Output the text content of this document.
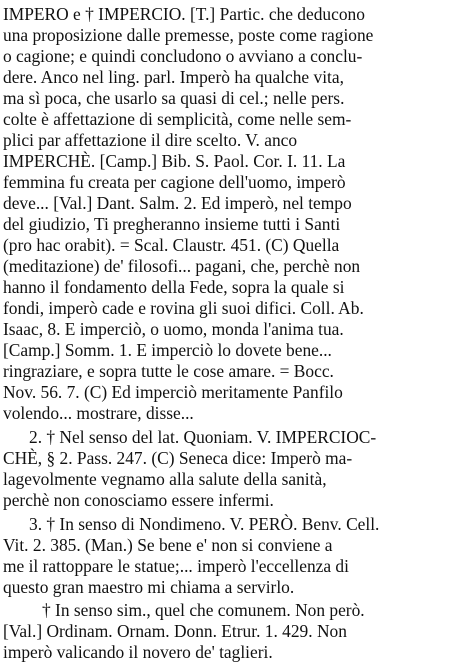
IMPERO e † IMPERCIO. [T.] Partic. che deducono
una proposizione dalle premesse, poste come ragione
o cagione; e quindi concludono o avviano a conclu-
dere. Anco nel ling. parl. Imperò ha qualche vita,
ma sì poca, che usarlo sa quasi di cel.; nelle pers.
colte è affettazione di semplicità, come nelle sem-
plici par affettazione il dire scelto. V. anco
IMPERCHÈ. [Camp.] Bib. S. Paol. Cor. I. 11. La
femmina fu creata per cagione dell'uomo, imperò
deve... [Val.] Dant. Salm. 2. Ed imperò, nel tempo
del giudizio, Ti pregheranno insieme tutti i Santi
(pro hac orabit). = Scal. Claustr. 451. (C) Quella
(meditazione) de' filosofi... pagani, che, perchè non
hanno il fondamento della Fede, sopra la quale si
fondi, imperò cade e rovina gli suoi difici. Coll. Ab.
Isaac, 8. E imperciò, o uomo, monda l'anima tua.
[Camp.] Somm. 1. E imperciò lo dovete bene...
ringraziare, e sopra tutte le cose amare. = Bocc.
Nov. 56. 7. (C) Ed imperciò meritamente Panfilo
volendo... mostrare, disse...
2. † Nel senso del lat. Quoniam. V. IMPERCIOC-
CHÈ, § 2. Pass. 247. (C) Seneca dice: Imperò ma-
lagevolmente vegnamo alla salute della sanità,
perchè non conosciamo essere infermi.
3. † In senso di Nondimeno. V. PERÒ. Benv. Cell.
Vit. 2. 385. (Man.) Se bene e' non si conviene a
me il rattoppare le statue;... imperò l'eccellenza di
questo gran maestro mi chiama a servirlo.
† In senso sim., quel che comunem. Non però.
[Val.] Ordinam. Ornam. Donn. Etrur. 1. 429. Non
imperò valicando il novero de' taglieri.
